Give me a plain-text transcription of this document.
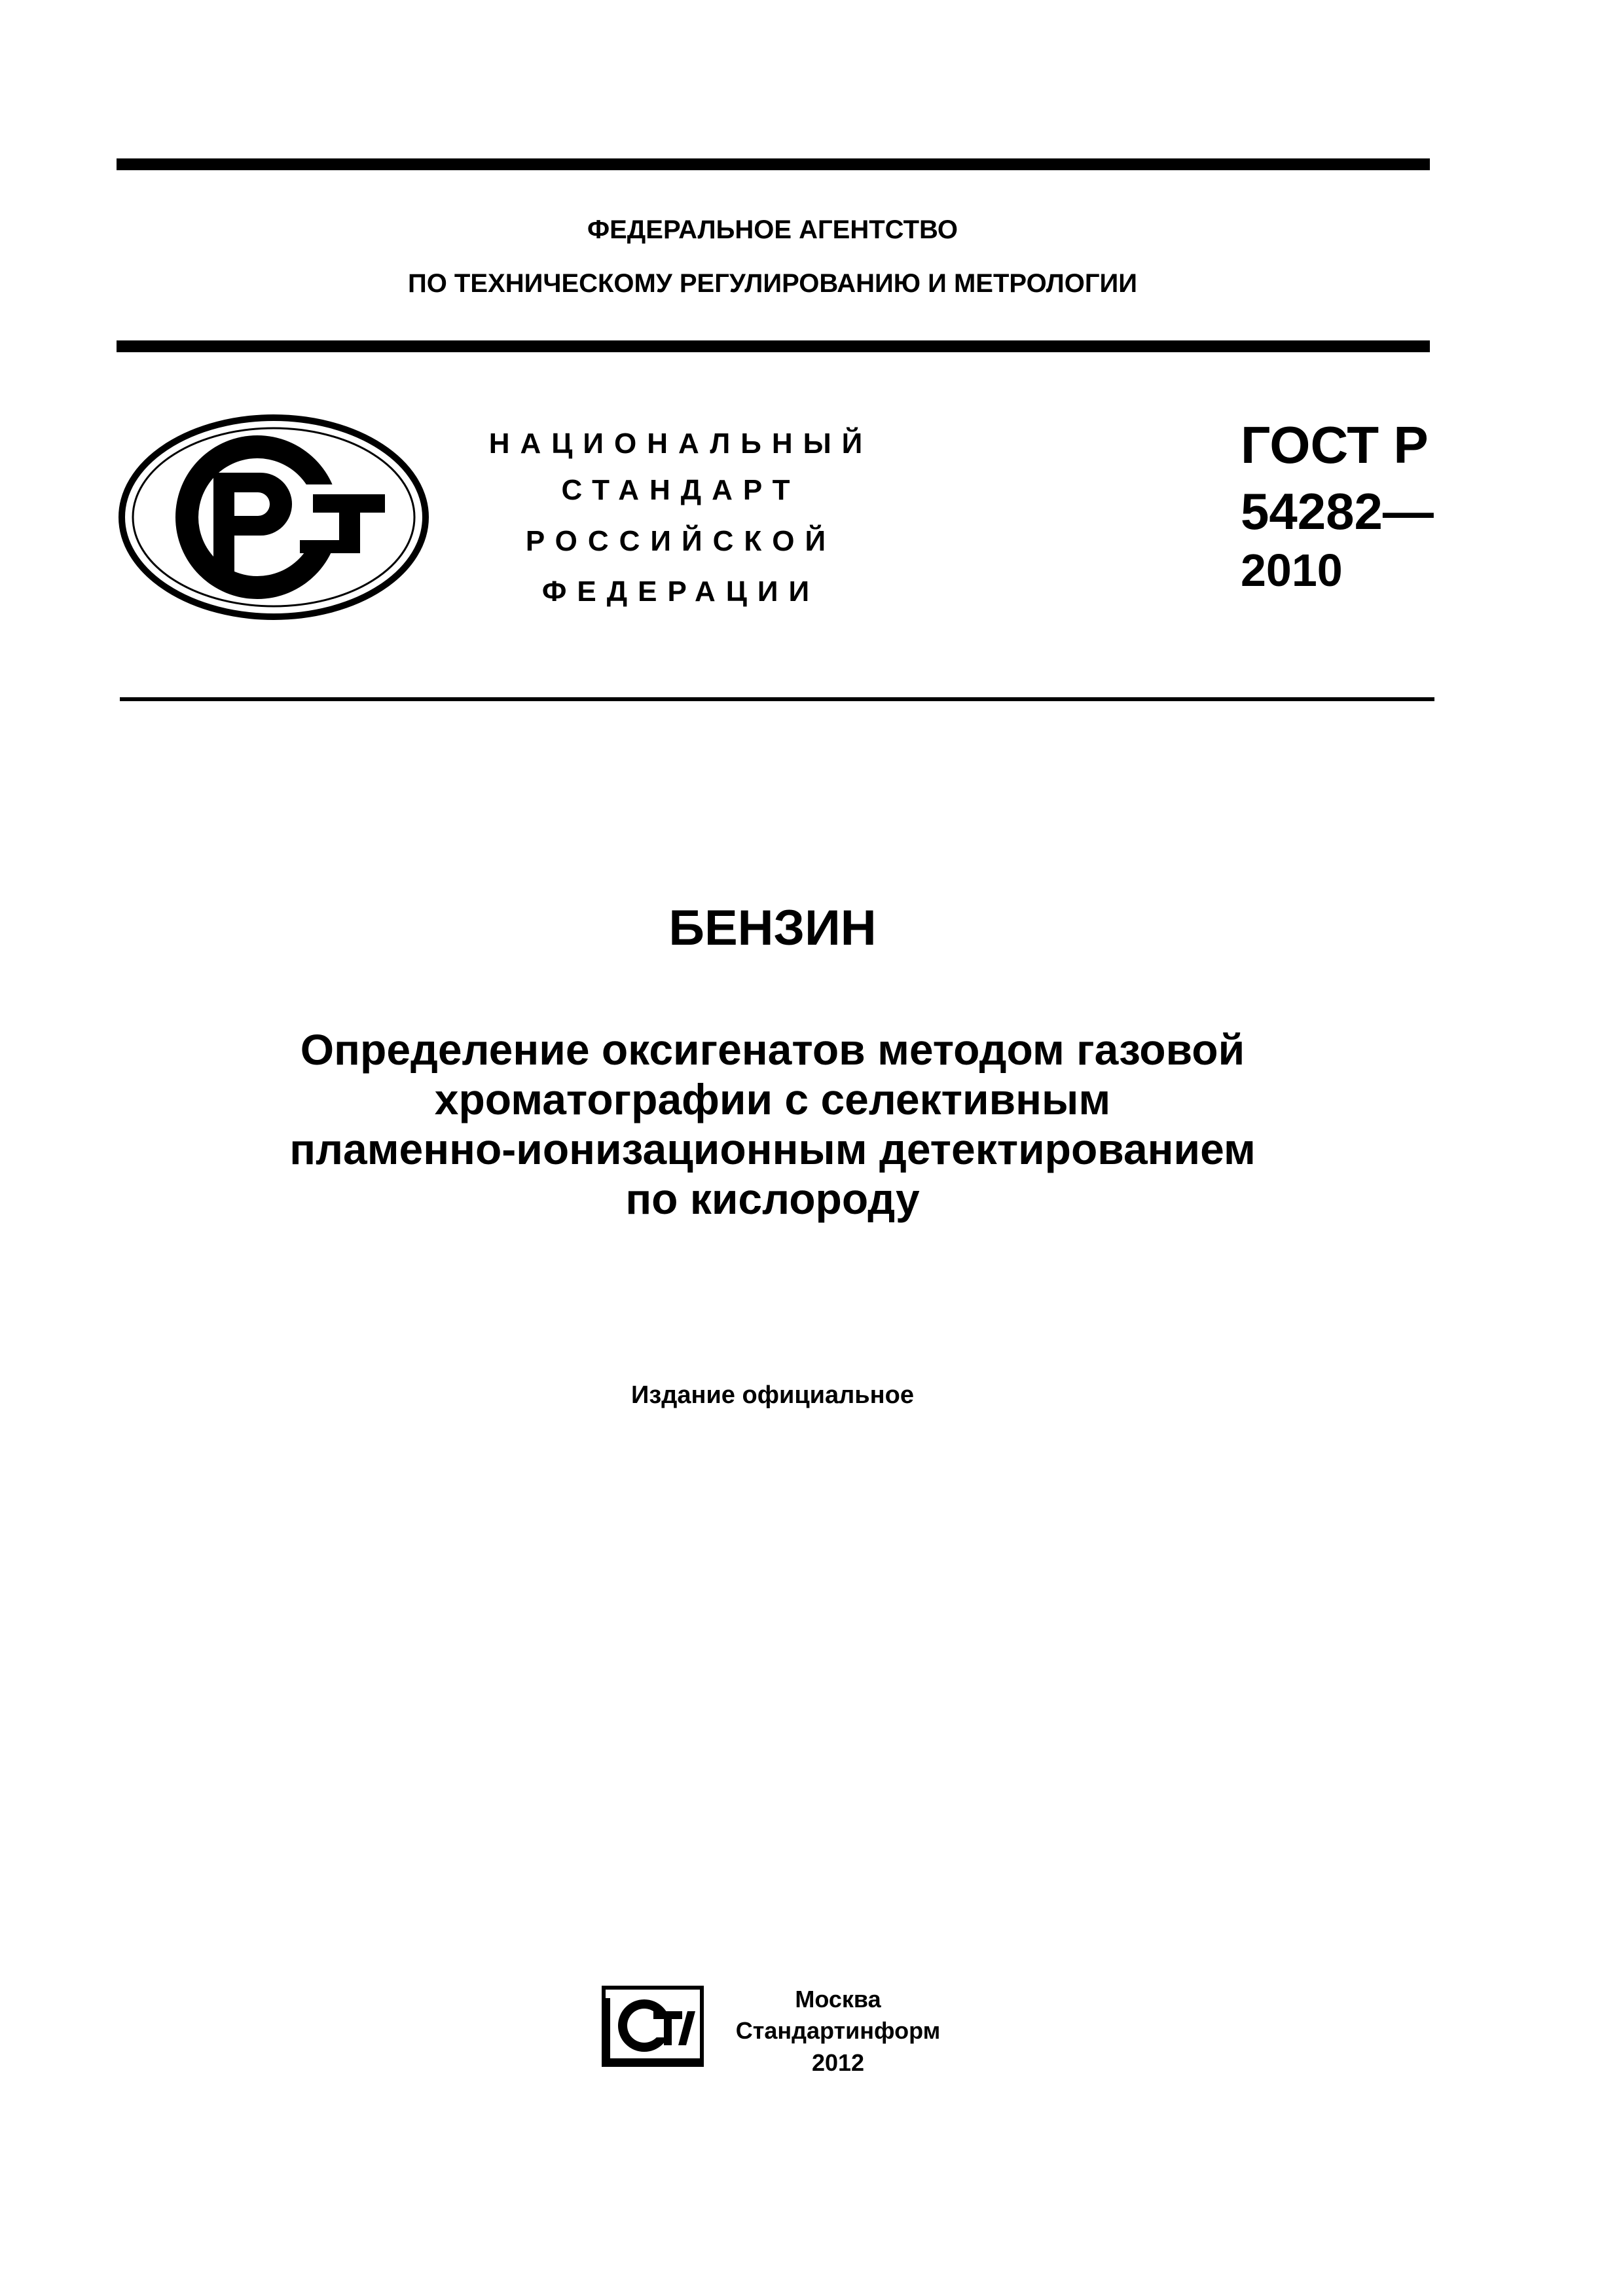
ФЕДЕРАЛЬНОЕ АГЕНТСТВО
ПО ТЕХНИЧЕСКОМУ РЕГУЛИРОВАНИЮ И МЕТРОЛОГИИ
НАЦИОНАЛЬНЫЙ
СТАНДАРТ
РОССИЙСКОЙ
ФЕДЕРАЦИИ
ГОСТ Р
54282—
2010
БЕНЗИН
Определение оксигенатов методом газовой
хроматографии с селективным
пламенно-ионизационным детектированием
по кислороду
Издание официальное
Москва
Стандартинформ
2012
